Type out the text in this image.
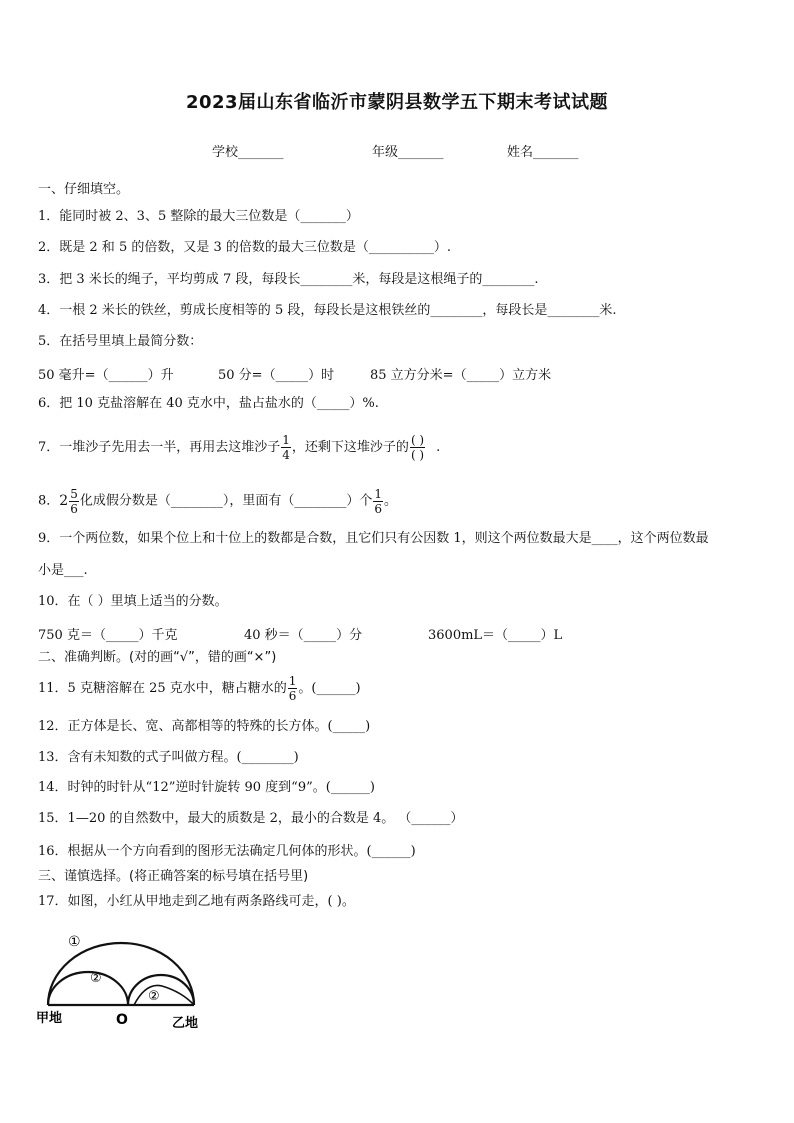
2023届山东省临沂市蒙阴县数学五下期末考试试题
学校_______	年级_______	姓名_______
一、仔细填空。
1．能同时被 2、3、5 整除的最大三位数是（_______）
2．既是 2 和 5 的倍数，又是 3 的倍数的最大三位数是（__________）.
3．把 3 米长的绳子，平均剪成 7 段，每段长________米，每段是这根绳子的________.
4．一根 2 米长的铁丝，剪成长度相等的 5 段，每段长是这根铁丝的________，每段长是________米.
5．在括号里填上最简分数：
50 毫升=（______）升	50 分=（_____）时	85 立方分米=（_____）立方米
6．把 10 克盐溶解在 40 克水中，盐占盐水的（_____）%.
7．一堆沙子先用去一半，再用去这堆沙子 $\frac{1}{4}$ ，还剩下这堆沙子的 $\frac{( )}{( )}$ .
8．$2 \frac{5}{6}$ 化成假分数是（________），里面有（________）个 $\frac{1}{6}$ 。
9．一个两位数，如果个位上和十位上的数都是合数，且它们只有公因数 1，则这个两位数最大是____，这个两位数最
小是___.
10．在（ ）里填上适当的分数。
750 克＝（_____）千克	40 秒＝（_____）分	3600mL＝（_____）L
二、准确判断。(对的画“√”，错的画“×”)
11．5 克糖溶解在 25 克水中，糖占糖水的 $\frac{1}{6}$ 。(______)
12．正方体是长、宽、高都相等的特殊的长方体。(_____)
13．含有未知数的式子叫做方程。(________)
14．时钟的时针从“12”逆时针旋转 90 度到“9”。(______)
15．1—20 的自然数中，最大的质数是 2，最小的合数是 4。 （______）
16．根据从一个方向看到的图形无法确定几何体的形状。(______)
三、谨慎选择。(将正确答案的标号填在括号里)
17．如图，小红从甲地走到乙地有两条路线可走，( )。
①
②
②
甲地	O	乙地
